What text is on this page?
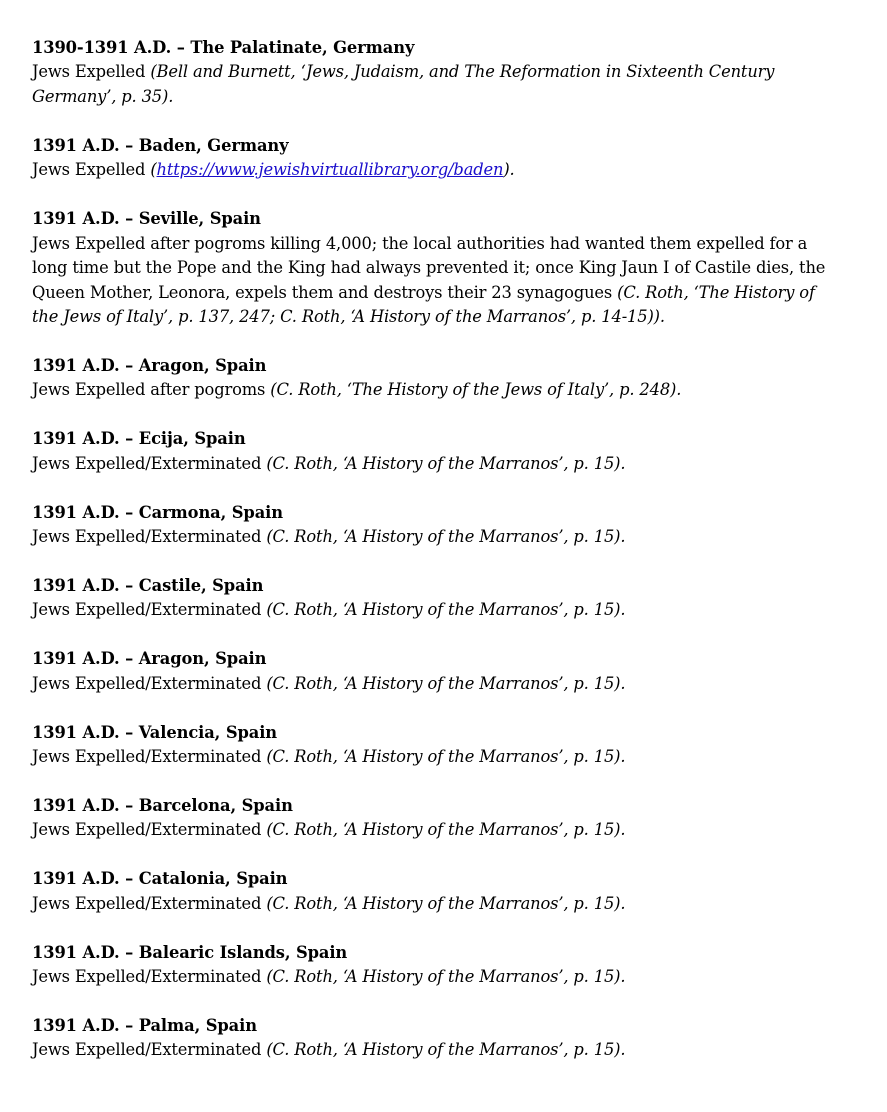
1390-1391 A.D. – The Palatinate, Germany
Jews Expelled (Bell and Burnett, ‘Jews, Judaism, and The Reformation in Sixteenth Century Germany’, p. 35).
1391 A.D. – Baden, Germany
Jews Expelled (https://www.jewishvirtuallibrary.org/baden).
1391 A.D. – Seville, Spain
Jews Expelled after pogroms killing 4,000; the local authorities had wanted them expelled for a long time but the Pope and the King had always prevented it; once King Jaun I of Castile dies, the Queen Mother, Leonora, expels them and destroys their 23 synagogues (C. Roth, ‘The History of the Jews of Italy’, p. 137, 247; C. Roth, ‘A History of the Marranos’, p. 14-15)).
1391 A.D. – Aragon, Spain
Jews Expelled after pogroms (C. Roth, ‘The History of the Jews of Italy’, p. 248).
1391 A.D. – Ecija, Spain
Jews Expelled/Exterminated (C. Roth, ‘A History of the Marranos’, p. 15).
1391 A.D. – Carmona, Spain
Jews Expelled/Exterminated (C. Roth, ‘A History of the Marranos’, p. 15).
1391 A.D. – Castile, Spain
Jews Expelled/Exterminated (C. Roth, ‘A History of the Marranos’, p. 15).
1391 A.D. – Aragon, Spain
Jews Expelled/Exterminated (C. Roth, ‘A History of the Marranos’, p. 15).
1391 A.D. – Valencia, Spain
Jews Expelled/Exterminated (C. Roth, ‘A History of the Marranos’, p. 15).
1391 A.D. – Barcelona, Spain
Jews Expelled/Exterminated (C. Roth, ‘A History of the Marranos’, p. 15).
1391 A.D. – Catalonia, Spain
Jews Expelled/Exterminated (C. Roth, ‘A History of the Marranos’, p. 15).
1391 A.D. – Balearic Islands, Spain
Jews Expelled/Exterminated (C. Roth, ‘A History of the Marranos’, p. 15).
1391 A.D. – Palma, Spain
Jews Expelled/Exterminated (C. Roth, ‘A History of the Marranos’, p. 15).
